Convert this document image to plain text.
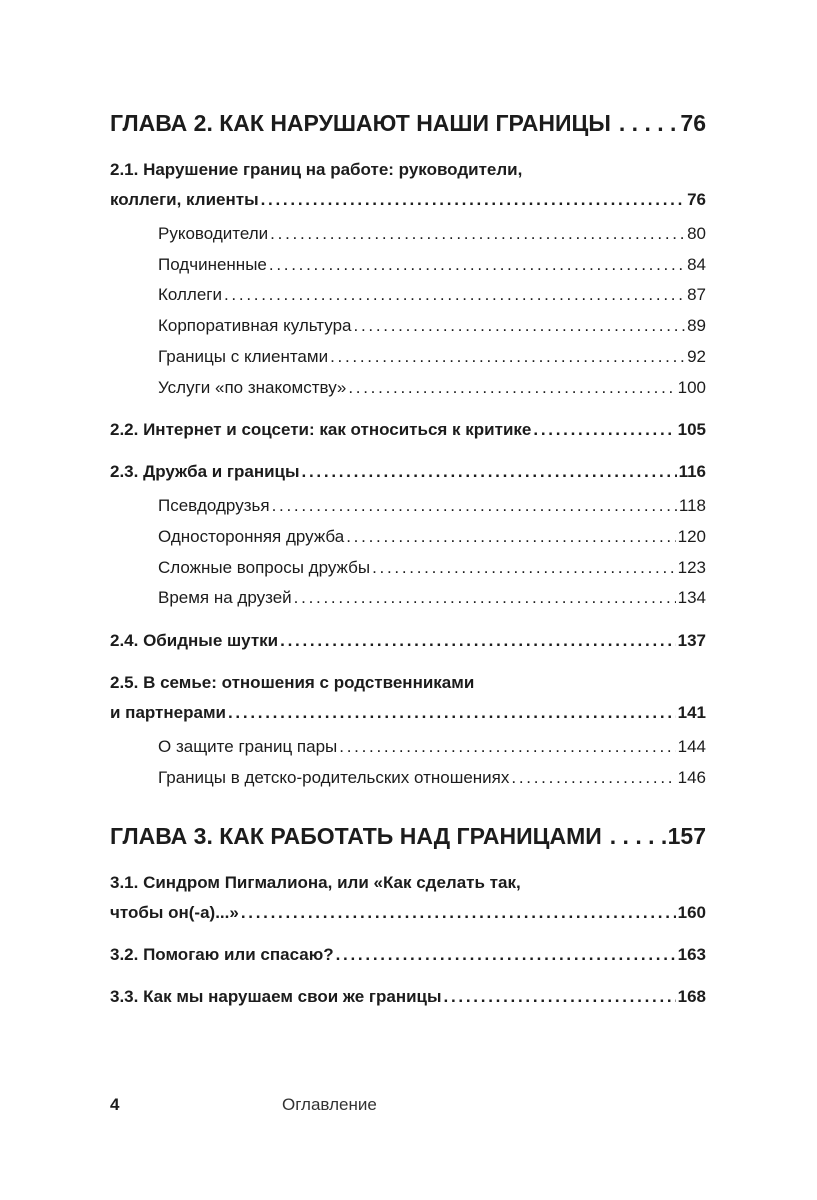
ГЛАВА 2. КАК НАРУШАЮТ НАШИ ГРАНИЦЫ . . .	76
2.1. Нарушение границ на работе: руководители,
коллеги, клиенты . . .	76
Руководители . . .	80
Подчиненные . . .	84
Коллеги . . .	87
Корпоративная культура . . .	89
Границы с клиентами . . .	92
Услуги «по знакомству» . . .	100
2.2. Интернет и соцсети: как относиться к критике . . .	105
2.3. Дружба и границы . . .	116
Псевдодрузья . . .	118
Односторонняя дружба . . .	120
Сложные вопросы дружбы . . .	123
Время на друзей . . .	134
2.4. Обидные шутки . . .	137
2.5. В семье: отношения с родственниками
и партнерами . . .	141
О защите границ пары . . .	144
Границы в детско-родительских отношениях . . .	146
ГЛАВА 3. КАК РАБОТАТЬ НАД ГРАНИЦАМИ . . .	157
3.1. Синдром Пигмалиона, или «Как сделать так,
чтобы он(-а)...» . . .	160
3.2. Помогаю или спасаю? . . .	163
3.3. Как мы нарушаем свои же границы . . .	168
4	Оглавление
